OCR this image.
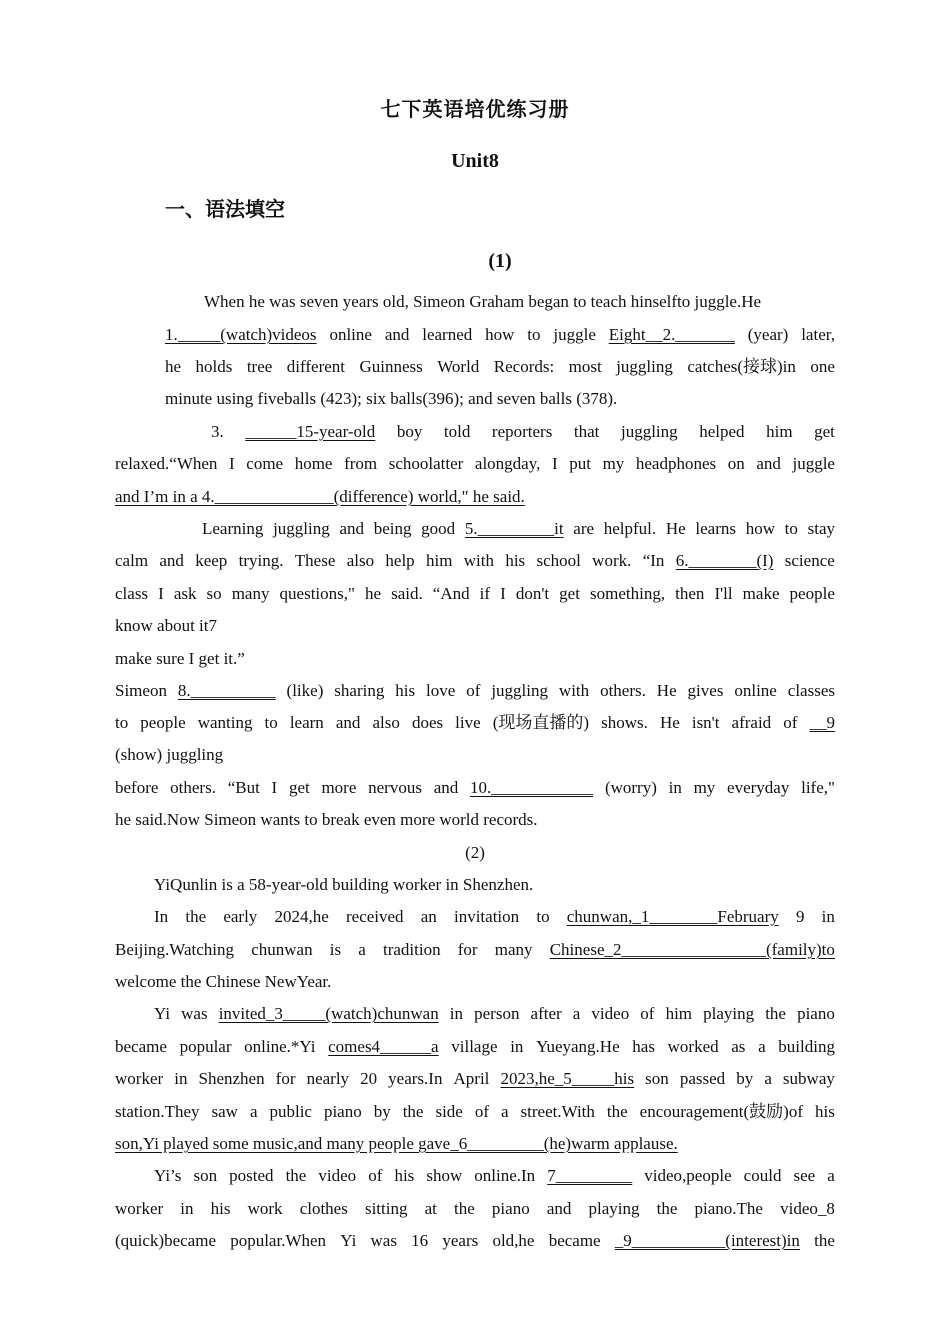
七下英语培优练习册
Unit8
一、语法填空
(1)
When he was seven years old, Simeon Graham began to teach hinselfto juggle.He
1._____(watch)videos online and learned how to juggle Eight__2._______ (year) later,
he holds tree different Guinness World Records: most juggling catches(接球)in one
minute using fiveballs (423); six balls(396); and seven balls (378).
3. ______15-year-old boy told reporters that juggling helped him get
relaxed.“When I come home from schoolatter alongday, I put my headphones on and juggle
and I’m in a 4.______________(difference) world," he said.
Learning juggling and being good 5._________it are helpful. He learns how to stay
calm and keep trying. These also help him with his school work. “In 6.________(I) science
class I ask so many questions," he said. “And if I don't get something, then I'll make people
know about it7
make sure I get it.”
Simeon 8.__________ (like) sharing his love of juggling with others. He gives online classes
to people wanting to learn and also does live (现场直播的) shows. He isn't afraid of __9
(show) juggling
before others. “But I get more nervous and 10.____________ (worry) in my everyday life,"
he said.Now Simeon wants to break even more world records.
(2)
YiQunlin is a 58-year-old building worker in Shenzhen.
In the early 2024,he received an invitation to chunwan,_1________February 9 in
Beijing.Watching chunwan is a tradition for many Chinese_2_________________(family)to
welcome the Chinese NewYear.
Yi was invited_3_____(watch)chunwan in person after a video of him playing the piano
became popular online.*Yi comes4______a village in Yueyang.He has worked as a building
worker in Shenzhen for nearly 20 years.In April 2023,he_5_____his son passed by a subway
station.They saw a public piano by the side of a street.With the encouragement(鼓励)of his
son,Yi played some music,and many people gave_6_________(he)warm applause.
Yi’s son posted the video of his show online.In 7_________ video,people could see a
worker in his work clothes sitting at the piano and playing the piano.The video_8
(quick)became popular.When Yi was 16 years old,he became _9___________(interest)in the
